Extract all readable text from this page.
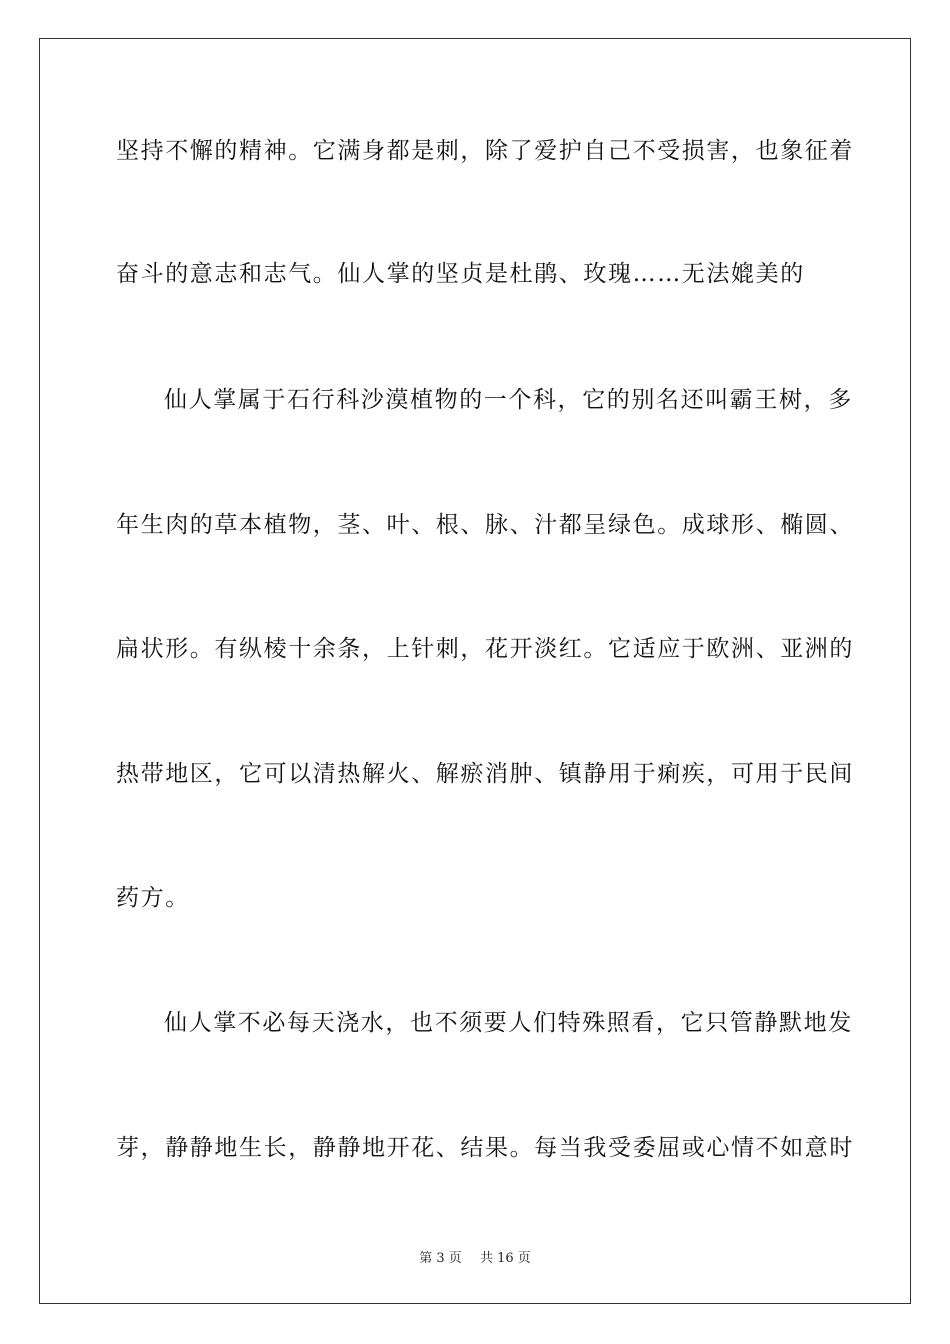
坚持不懈的精神。它满身都是刺，除了爱护自己不受损害，也象征着
奋斗的意志和志气。仙人掌的坚贞是杜鹃、玫瑰……无法媲美的
仙人掌属于石行科沙漠植物的一个科，它的别名还叫霸王树，多
年生肉的草本植物，茎、叶、根、脉、汁都呈绿色。成球形、椭圆、
扁状形。有纵棱十余条，上针刺，花开淡红。它适应于欧洲、亚洲的
热带地区，它可以清热解火、解瘀消肿、镇静用于痢疾，可用于民间
药方。
仙人掌不必每天浇水，也不须要人们特殊照看，它只管静默地发
芽，静静地生长，静静地开花、结果。每当我受委屈或心情不如意时
第 3 页 共 16 页
